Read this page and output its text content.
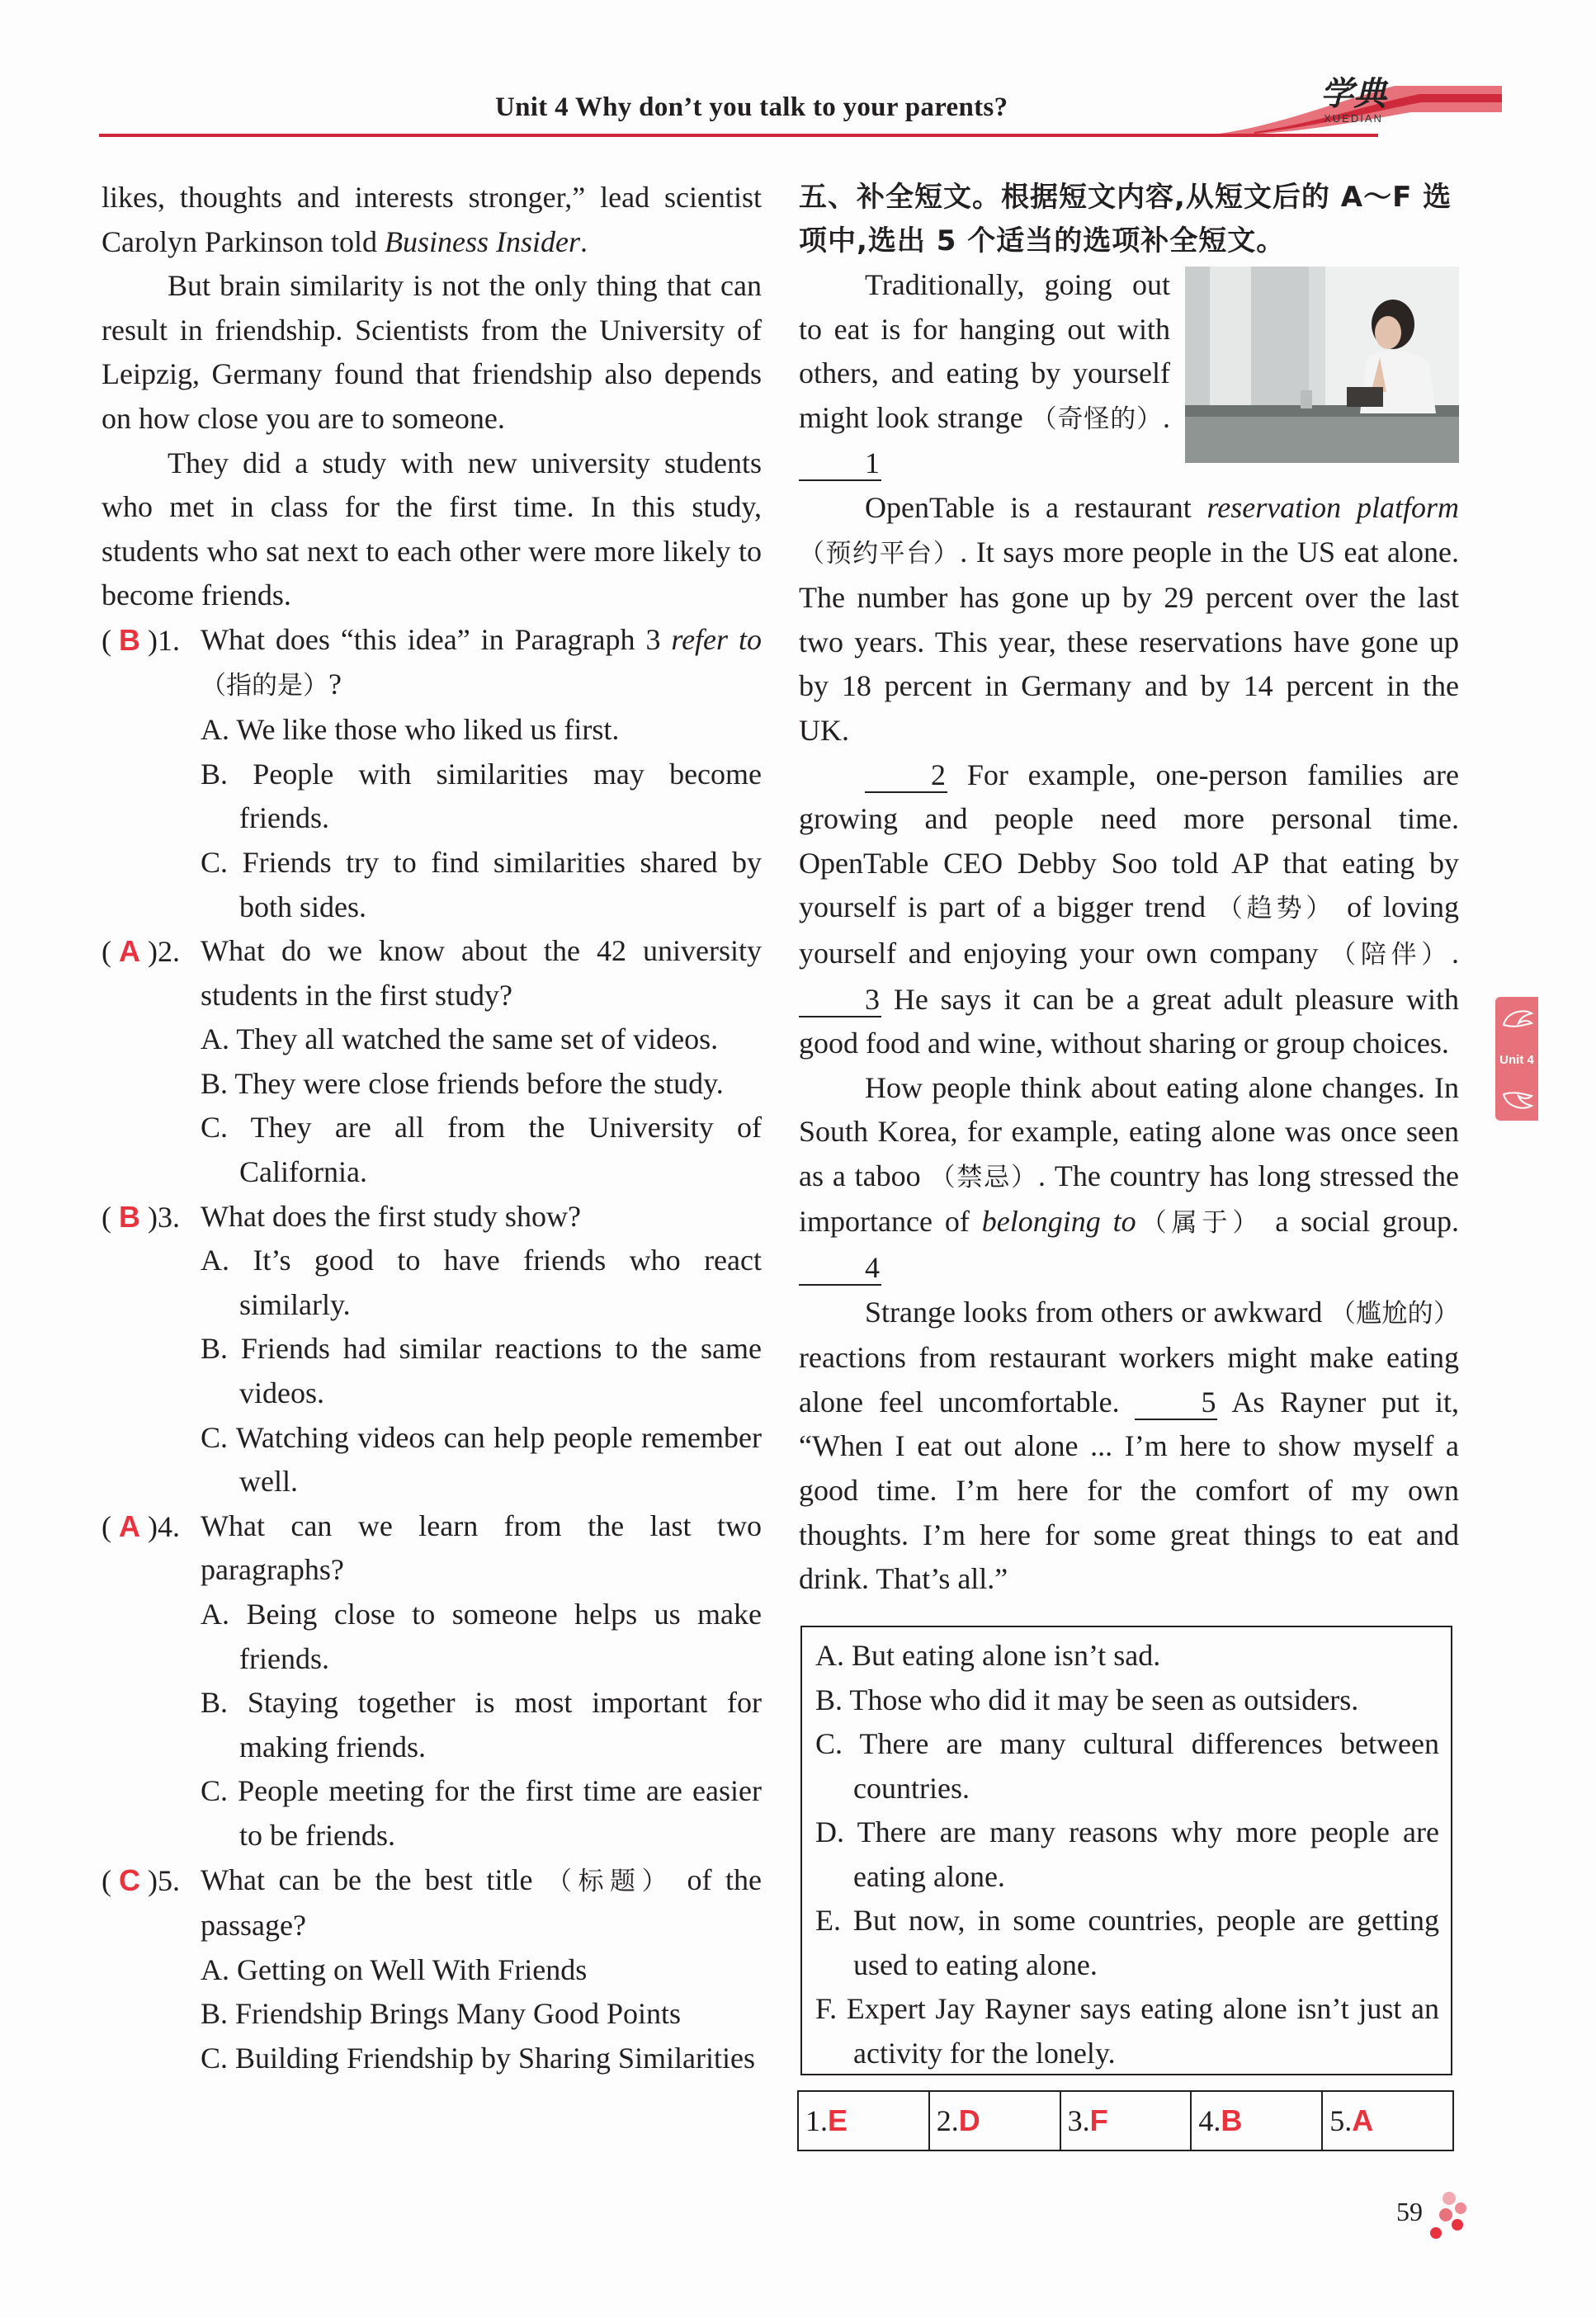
Unit 4 Why don’t you talk to your parents?	学典
XUEDIAN
Unit 4

likes, thoughts and interests stronger,” lead scientist Carolyn Parkinson told Business Insider.

But brain similarity is not the only thing that can result in friendship. Scientists from the University of Leipzig, Germany found that friendship also depends on how close you are to someone.

They did a study with new university students who met in class for the first time. In this study, students who sat next to each other were more likely to become friends.

( B )1. What does “this idea” in Paragraph 3 refer to （指的是）?

A. We like those who liked us first.

B. People with similarities may become friends.

C. Friends try to find similarities shared by both sides.

( A )2. What do we know about the 42 university students in the first study?

A. They all watched the same set of videos.

B. They were close friends before the study.

C. They are all from the University of California.

( B )3. What does the first study show?

A. It’s good to have friends who react similarly.

B. Friends had similar reactions to the same videos.

C. Watching videos can help people remember well.

( A )4. What can we learn from the last two paragraphs?

A. Being close to someone helps us make friends.

B. Staying together is most important for making friends.

C. People meeting for the first time are easier to be friends.

( C )5. What can be the best title （标题） of the passage?

A. Getting on Well With Friends

B. Friendship Brings Many Good Points

C. Building Friendship by Sharing Similarities

五、补全短文。根据短文内容,从短文后的 A～F 选项中,选出 5 个适当的选项补全短文。

Traditionally, going out to eat is for hanging out with others, and eating by yourself might look strange （奇怪的）. 1

OpenTable is a restaurant reservation platform（预约平台）. It says more people in the US eat alone. The number has gone up by 29 percent over the last two years. This year, these reservations have gone up by 18 percent in Germany and by 14 percent in the UK.

2 For example, one-person families are growing and people need more personal time. OpenTable CEO Debby Soo told AP that eating by yourself is part of a bigger trend （趋势） of loving yourself and enjoying your own company （陪伴）. 3 He says it can be a great adult pleasure with good food and wine, without sharing or group choices.

How people think about eating alone changes. In South Korea, for example, eating alone was once seen as a taboo （禁忌）. The country has long stressed the importance of belonging to（属于） a social group. 4

Strange looks from others or awkward （尴尬的） reactions from restaurant workers might make eating alone feel uncomfortable. 5 As Rayner put it, “When I eat out alone ... I’m here to show myself a good time. I’m here for the comfort of my own thoughts. I’m here for some great things to eat and drink. That’s all.”

A. But eating alone isn’t sad.

B. Those who did it may be seen as outsiders.

C. There are many cultural differences between countries.

D. There are many reasons why more people are eating alone.

E. But now, in some countries, people are getting used to eating alone.

F. Expert Jay Rayner says eating alone isn’t just an activity for the lonely.

1.E	2.D	3.F	4.B	5.A
59
